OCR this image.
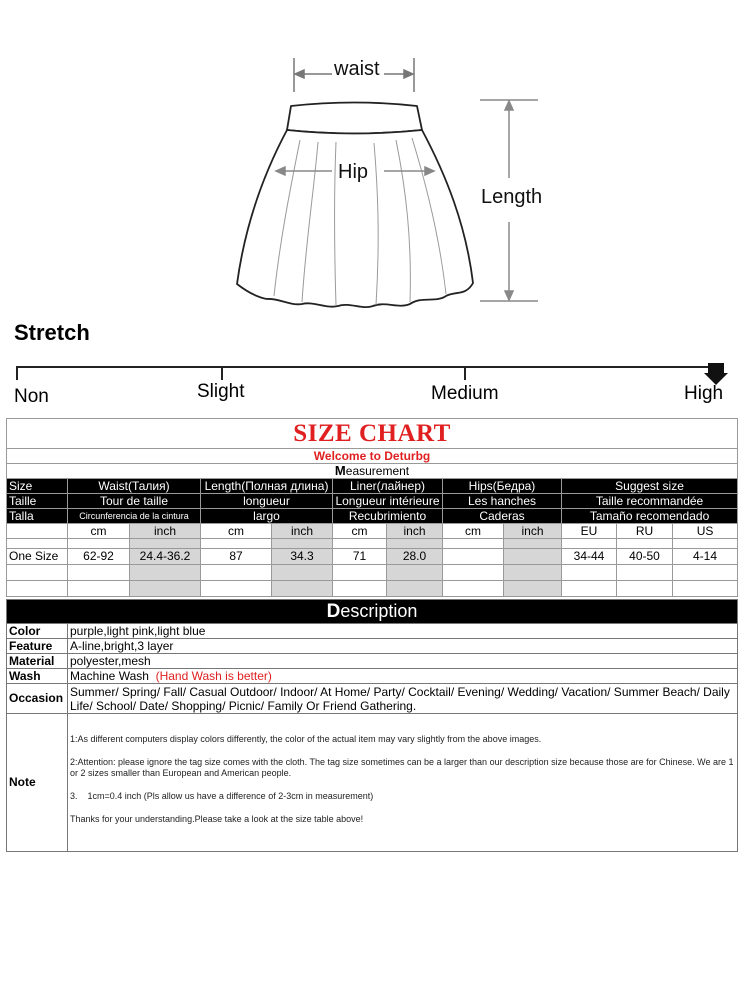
waist
Hip
Length
Stretch
Non	Slight	Medium	High
SIZE CHART											
Welcome to Deturbg											
Measurement											
Size	Waist(Талия)		Length(Полная длина)		Liner(лайнер)		Hips(Бедра)		Suggest size		
Taille	Tour de taille		longueur		Longueur intérieure		Les hanches		Taille recommandée		
Talla	Circunferencia de la cintura		largo		Recubrimiento		Caderas		Tamaño recomendado		
	cm	inch	cm	inch	cm	inch	cm	inch	EU	RU	US

One Size	62-92	24.4-36.2	87	34.3	71	28.0			34-44	40-50	4-14

Description	
Color	purple,light pink,light blue
Feature	A-line,bright,3 layer
Material	polyester,mesh
Wash	Machine Wash (Hand Wash is better)
Occasion	Summer/ Spring/ Fall/ Casual Outdoor/ Indoor/ At Home/ Party/ Cocktail/ Evening/ Wedding/ Vacation/ Summer Beach/ Daily Life/ School/ Date/ Shopping/ Picnic/ Family Or Friend Gathering.
Note	1:As different computers display colors differently, the color of the actual item may vary slightly from the above images.

2:Attention: please ignore the tag size comes with the cloth. The tag size sometimes can be a larger than our description size because those are for Chinese. We are 1 or 2 sizes smaller than European and American people.

3.    1cm=0.4 inch (Pls allow us have a difference of 2-3cm in measurement)

Thanks for your understanding.Please take a look at the size table above!
